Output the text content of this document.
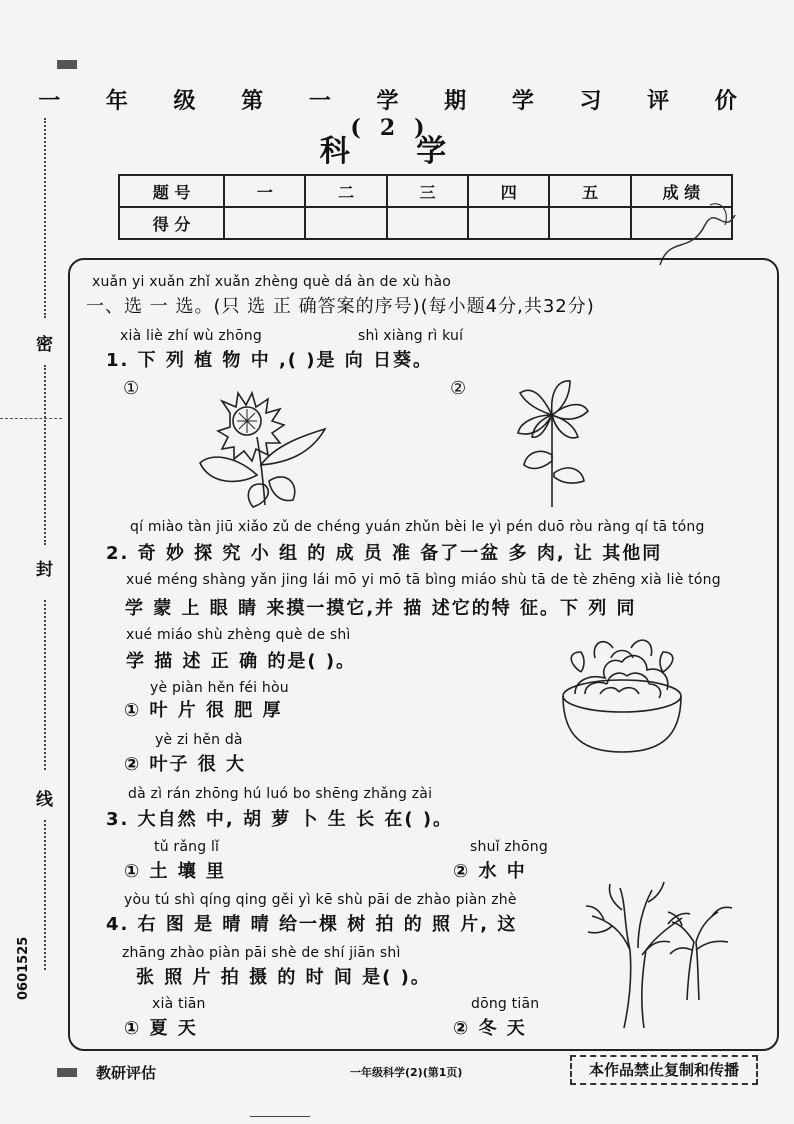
密
封
线
0601525
一 年 级 第 一 学 期 学 习 评 价 (2)
科 学
题 号	一	二	三	四	五	成 绩
得 分						
xuǎn yi xuǎn zhǐ xuǎn zhèng què dá àn de xù hào
一、选 一 选。(只 选 正 确答案的序号)(每小题4分,共32分)
xià liè zhí wù zhōng	shì xiàng rì kuí
1. 下 列 植 物 中 ,( )是 向 日葵。
①	②
qí miào tàn jiū xiǎo zǔ de chéng yuán zhǔn bèi le yì pén duō ròu ràng qí tā tóng
2. 奇 妙 探 究 小 组 的 成 员 准 备了一盆 多 肉, 让 其他同
xué méng shàng yǎn jing lái mō yi mō tā bìng miáo shù tā de tè zhēng xià liè tóng
学 蒙 上 眼 睛 来摸一摸它,并 描 述它的特 征。下 列 同
xué miáo shù zhèng què de shì
学 描 述 正 确 的是( )。
yè piàn hěn féi hòu
① 叶 片 很 肥 厚
yè zi hěn dà
② 叶子 很 大
dà zì rán zhōng hú luó bo shēng zhǎng zài
3. 大自然 中, 胡 萝 卜 生 长 在( )。
tǔ rǎng lǐ
① 土 壤 里
shuǐ zhōng
② 水 中
yòu tú shì qíng qing gěi yì kē shù pāi de zhào piàn zhè
4. 右 图 是 晴 晴 给一棵 树 拍 的 照 片, 这
zhāng zhào piàn pāi shè de shí jiān shì
张 照 片 拍 摄 的 时 间 是( )。
xià tiān
① 夏 天
dōng tiān
② 冬 天
教研评估	一年级科学(2)(第1页)	本作品禁止复制和传播
